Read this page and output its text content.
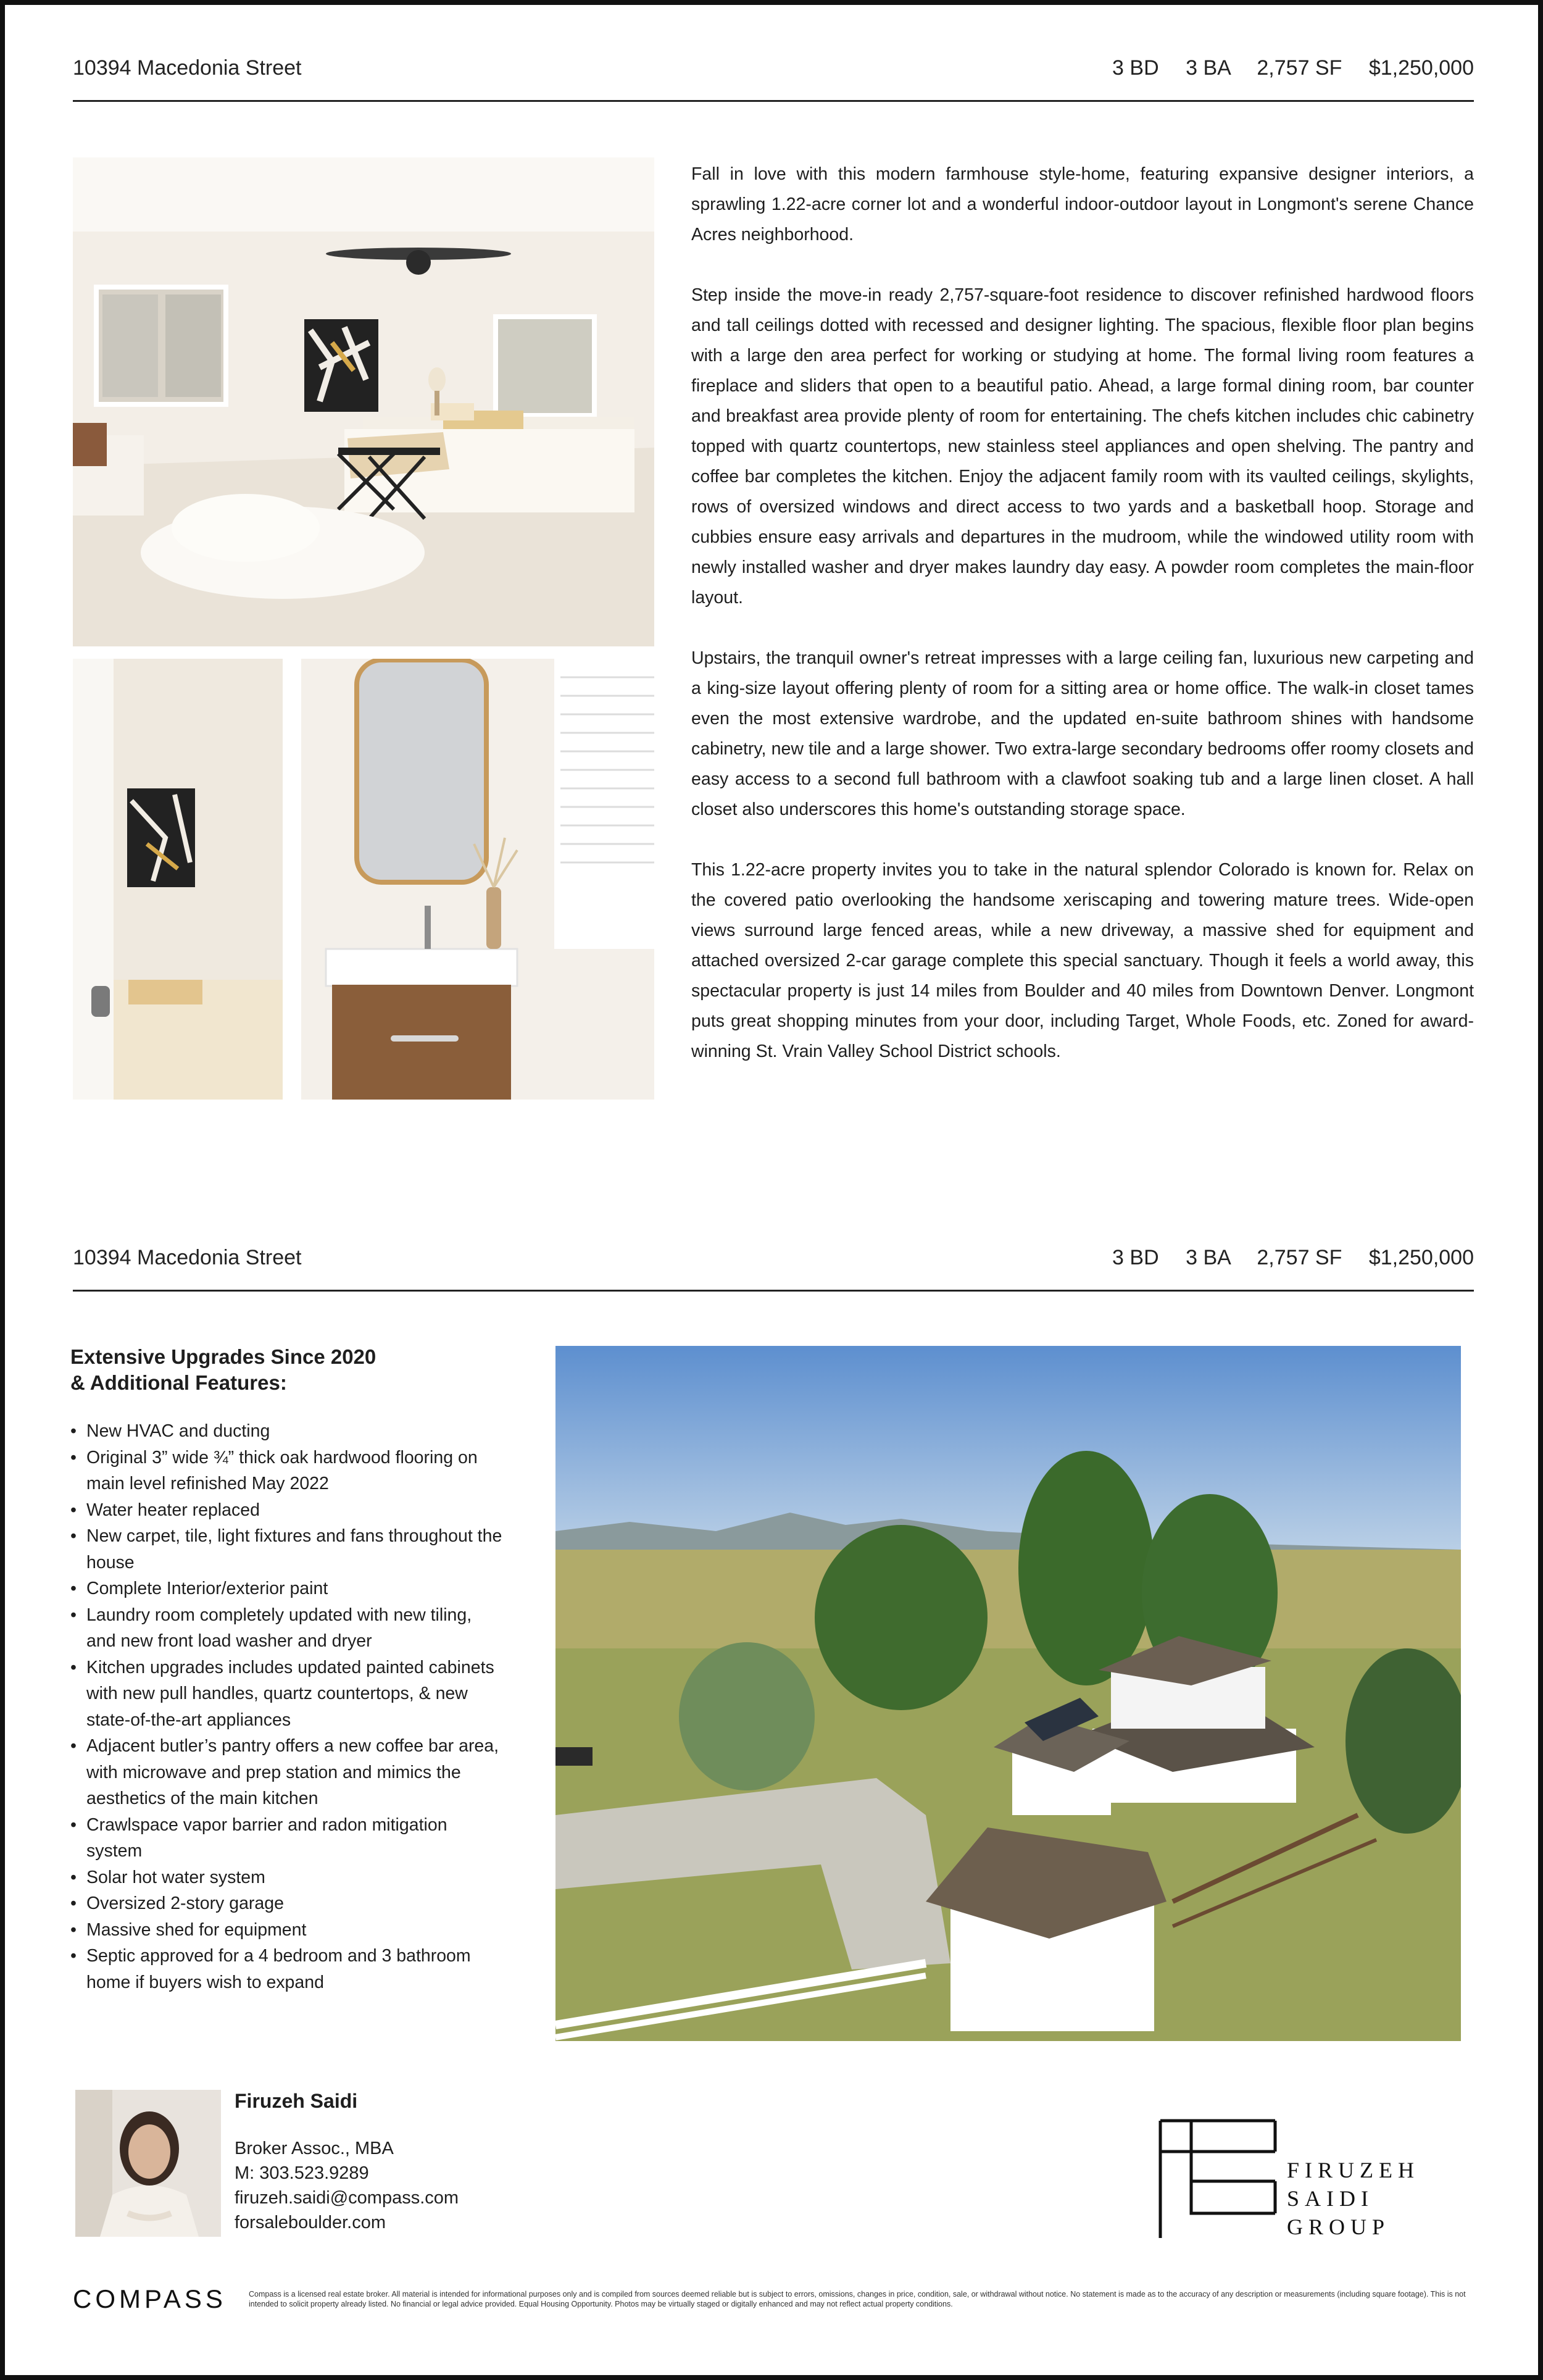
10394 Macedonia Street	3 BD 3 BA 2,757 SF $1,250,000

Fall in love with this modern farmhouse style-home, featuring expansive designer interiors, a sprawling 1.22-acre corner lot and a wonderful indoor-outdoor layout in Longmont's serene Chance Acres neighborhood.

Step inside the move-in ready 2,757-square-foot residence to discover refinished hardwood floors and tall ceilings dotted with recessed and designer lighting. The spacious, flexible floor plan begins with a large den area perfect for working or studying at home. The formal living room features a fireplace and sliders that open to a beautiful patio. Ahead, a large formal dining room, bar counter and breakfast area provide plenty of room for entertaining. The chefs kitchen includes chic cabinetry topped with quartz countertops, new stainless steel appliances and open shelving. The pantry and coffee bar completes the kitchen. Enjoy the adjacent family room with its vaulted ceilings, skylights, rows of oversized windows and direct access to two yards and a basketball hoop. Storage and cubbies ensure easy arrivals and departures in the mudroom, while the windowed utility room with newly installed washer and dryer makes laundry day easy. A powder room completes the main-floor layout.

Upstairs, the tranquil owner's retreat impresses with a large ceiling fan, luxurious new carpeting and a king-size layout offering plenty of room for a sitting area or home office. The walk-in closet tames even the most extensive wardrobe, and the updated en-suite bathroom shines with handsome cabinetry, new tile and a large shower. Two extra-large secondary bedrooms offer roomy closets and easy access to a second full bathroom with a clawfoot soaking tub and a large linen closet. A hall closet also underscores this home's outstanding storage space.

This 1.22-acre property invites you to take in the natural splendor Colorado is known for. Relax on the covered patio overlooking the handsome xeriscaping and towering mature trees. Wide-open views surround large fenced areas, while a new driveway, a massive shed for equipment and attached oversized 2-car garage complete this special sanctuary. Though it feels a world away, this spectacular property is just 14 miles from Boulder and 40 miles from Downtown Denver. Longmont puts great shopping minutes from your door, including Target, Whole Foods, etc. Zoned for award-winning St. Vrain Valley School District schools.

10394 Macedonia Street	3 BD 3 BA 2,757 SF $1,250,000
Extensive Upgrades Since 2020
& Additional Features:
• New HVAC and ducting
• Original 3” wide ¾” thick oak hardwood flooring on main level refinished May 2022
• Water heater replaced
• New carpet, tile, light fixtures and fans throughout the house
• Complete Interior/exterior paint
• Laundry room completely updated with new tiling, and new front load washer and dryer
• Kitchen upgrades includes updated painted cabinets with new pull handles, quartz countertops, & new state-of-the-art appliances
• Adjacent butler’s pantry offers a new coffee bar area, with microwave and prep station and mimics the aesthetics of the main kitchen
• Crawlspace vapor barrier and radon mitigation system
• Solar hot water system
• Oversized 2-story garage
• Massive shed for equipment
• Septic approved for a 4 bedroom and 3 bathroom home if buyers wish to expand
Firuzeh Saidi
Broker Assoc., MBA
M: 303.523.9289
firuzeh.saidi@compass.com
forsaleboulder.com
FIRUZEH
SAIDI
GROUP
COMPASS	Compass is a licensed real estate broker. All material is intended for informational purposes only and is compiled from sources deemed reliable but is subject to errors, omissions, changes in price, condition, sale, or withdrawal without notice. No statement is made as to the accuracy of any description or measurements (including square footage). This is not intended to solicit property already listed. No financial or legal advice provided. Equal Housing Opportunity. Photos may be virtually staged or digitally enhanced and may not reflect actual property conditions.
